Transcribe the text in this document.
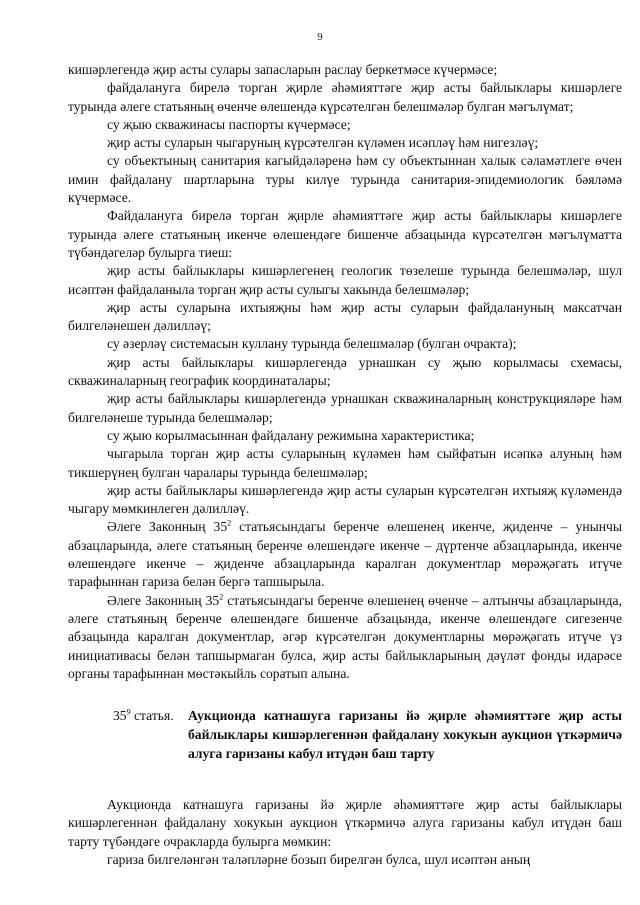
9

кишәрлегендә җир асты сулары запасларын раслау беркетмәсе күчермәсе;

файдалануга бирелә торган җирле әһәмияттәге җир асты байлыклары кишәрлеге турында әлеге статьяның өченче өлешендә күрсәтелгән белешмәләр булган мәгълүмат;

су җыю скважинасы паспорты күчермәсе;

җир асты суларын чыгаруның күрсәтелгән күләмен исәпләү һәм нигезләү;

су объектының санитария кагыйдәләренә һәм су объектыннан халык сәламәтлеге өчен имин файдалану шартларына туры килүе турында санитария-эпидемиологик бәяләмә күчермәсе.

Файдалануга бирелә торган җирле әһәмияттәге җир асты байлыклары кишәрлеге турында әлеге статьяның икенче өлешендәге бишенче абзацында күрсәтелгән мәгълүматта түбәндәгеләр булырга тиеш:

җир асты байлыклары кишәрлегенең геологик төзелеше турында белешмәләр, шул исәптән файдаланыла торган җир асты сулыгы хакында белешмәләр;

җир асты суларына ихтыяҗны һәм җир асты суларын файдалануның максатчан билгеләнешен дәлилләү;

су әзерләү системасын куллану турында белешмәләр (булган очракта);

җир асты байлыклары кишәрлегендә урнашкан су җыю корылмасы схемасы, скважиналарның географик координаталары;

җир асты байлыклары кишәрлегендә урнашкан скважиналарның конструкцияләре һәм билгеләнеше турында белешмәләр;

су җыю корылмасыннан файдалану режимына характеристика;

чыгарыла торган җир асты суларының күләмен һәм сыйфатын исәпкә алуның һәм тикшерүнең булган чаралары турында белешмәләр;

җир асты байлыклары кишәрлегендә җир асты суларын күрсәтелгән ихтыяҗ күләмендә чыгару мөмкинлеген дәлилләү.

Әлеге Законның $35^2$ статьясындагы беренче өлешенең икенче, җиденче – унынчы абзацларында, әлеге статьяның беренче өлешендәге икенче – дүртенче абзацларында, икенче өлешендәге икенче – җиденче абзацларында каралган документлар мөрәҗәгать итүче тарафыннан гариза белән бергә тапшырыла.

Әлеге Законның $35^2$ статьясындагы беренче өлешенең өченче – алтынчы абзацларында, әлеге статьяның беренче өлешендәге бишенче абзацында, икенче өлешендәге сигезенче абзацында каралган документлар, әгәр күрсәтелгән документларны мөрәҗәгать итүче үз инициативасы белән тапшырмаган булса, җир асты байлыкларының дәүләт фонды идарәсе органы тарафыннан мөстәкыйль соратып алына.

$35^9$ статья. Аукционда катнашуга гаризаны йә җирле әһәмияттәге җир асты байлыклары кишәрлегеннән файдалану хокукын аукцион үткәрмичә алуга гаризаны кабул итүдән баш тарту

Аукционда катнашуга гаризаны йә җирле әһәмияттәге җир асты байлыклары кишәрлегеннән файдалану хокукын аукцион үткәрмичә алуга гаризаны кабул итүдән баш тарту түбәндәге очракларда булырга мөмкин:

гариза билгеләнгән таләпләрне бозып бирелгән булса, шул исәптән аның
